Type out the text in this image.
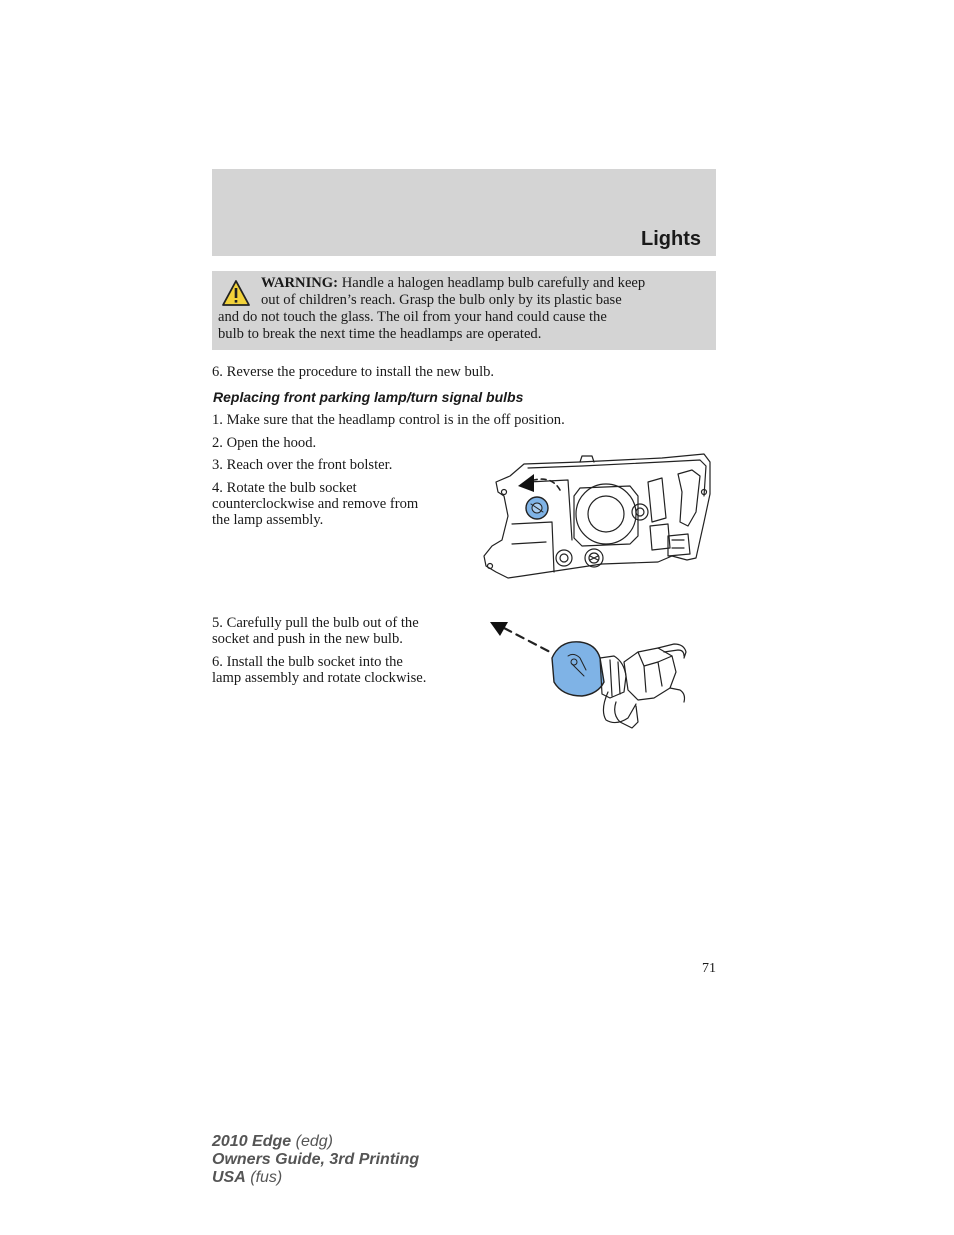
Lights
WARNING: Handle a halogen headlamp bulb carefully and keep
out of children’s reach. Grasp the bulb only by its plastic base
and do not touch the glass. The oil from your hand could cause the
bulb to break the next time the headlamps are operated.

6. Reverse the procedure to install the new bulb.

Replacing front parking lamp/turn signal bulbs

1. Make sure that the headlamp control is in the off position.

2. Open the hood.

3. Reach over the front bolster.

4. Rotate the bulb socket
counterclockwise and remove from
the lamp assembly.

5. Carefully pull the bulb out of the
socket and push in the new bulb.

6. Install the bulb socket into the
lamp assembly and rotate clockwise.

71
2010 Edge (edg)
Owners Guide, 3rd Printing
USA (fus)
